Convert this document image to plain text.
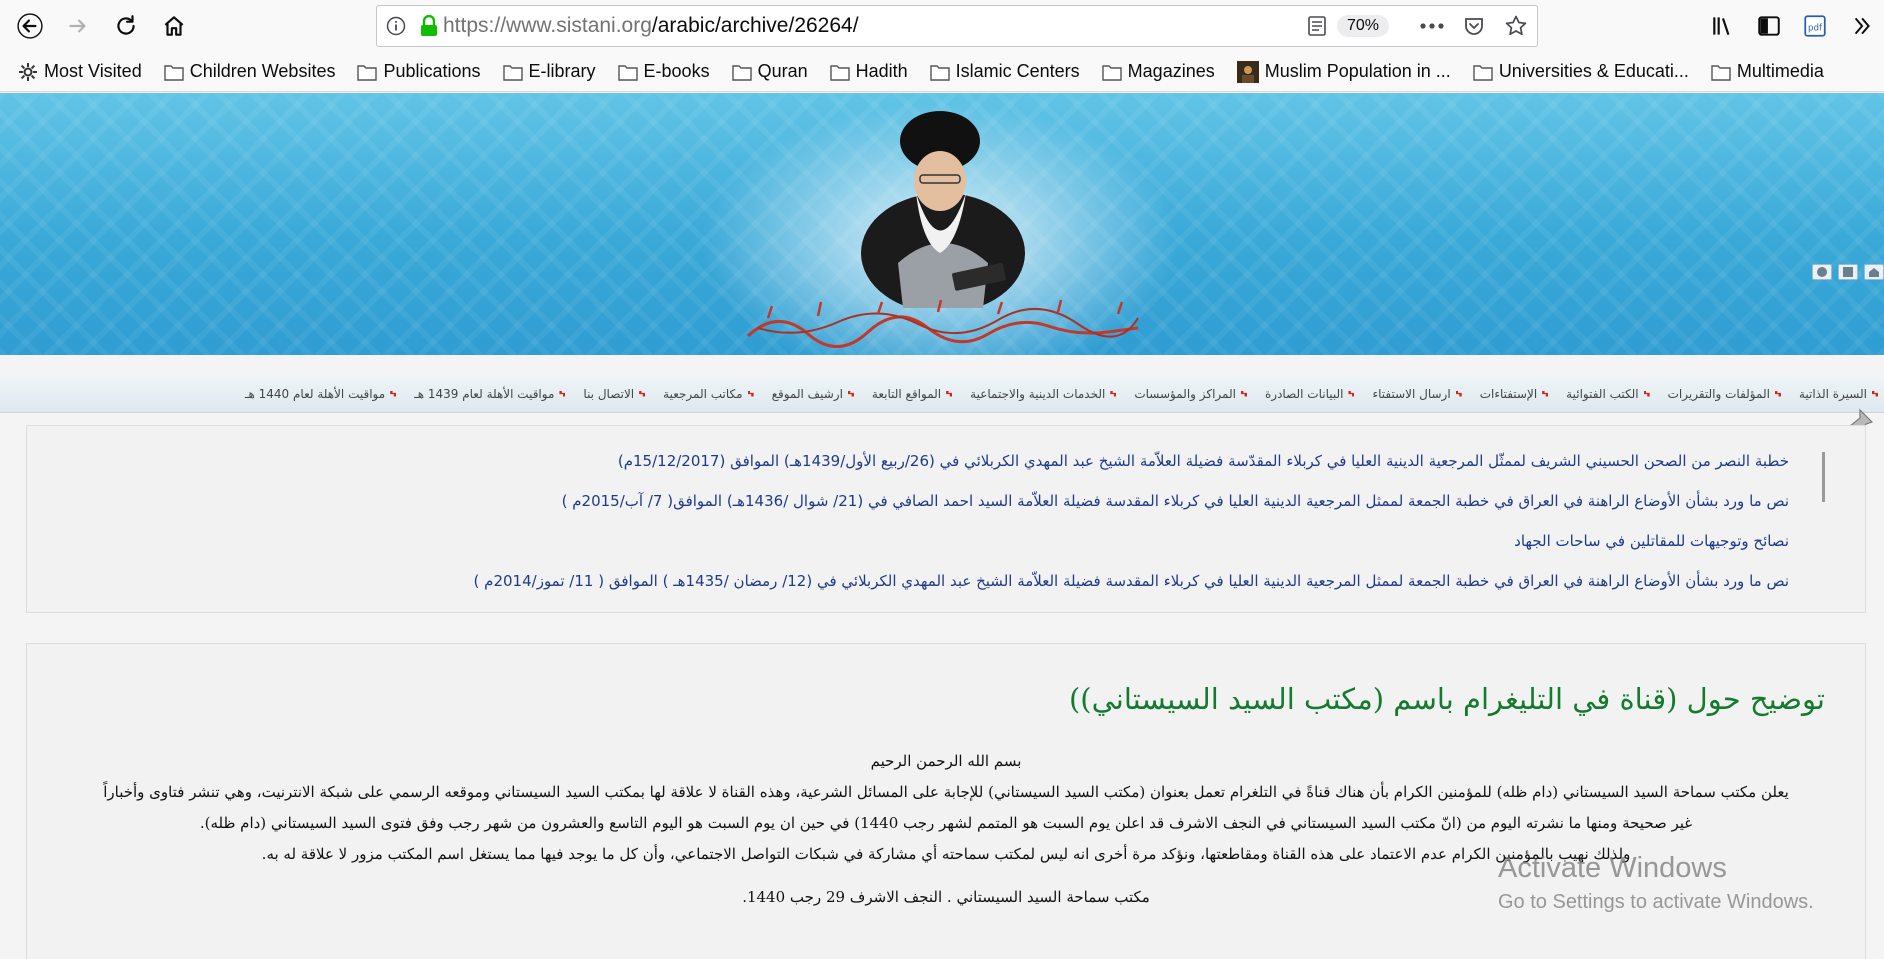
https://www.sistani.org/arabic/archive/26264/	70%	pdf
Most Visited	Children Websites	Publications	E-library	E-books	Quran	Hadith	Islamic Centers	Magazines	Muslim Population in ...	Universities & Educati...	Multimedia
السيرة الذاتية
المؤلفات والتقريرات
الكتب الفتوائية
الإستفتاءات
ارسال الاستفتاء
البيانات الصادرة
المراكز والمؤسسات
الخدمات الدينية والاجتماعية
المواقع التابعة
ارشيف الموقع
مكاتب المرجعية
الاتصال بنا
مواقيت الأهلة لعام 1439 هـ
مواقيت الأهلة لعام 1440 هـ
خطبة النصر من الصحن الحسيني الشريف لممثّل المرجعية الدينية العليا في كربلاء المقدّسة فضيلة العلاّمة الشيخ عبد المهدي الكربلائي في (26/ربيع الأول/1439هـ) الموافق (15/12/2017م)
نص ما ورد بشأن الأوضاع الراهنة في العراق في خطبة الجمعة لممثل المرجعية الدينية العليا في كربلاء المقدسة فضيلة العلاّمة السيد احمد الصافي في (21/ شوال /1436هـ) الموافق( 7/ آب/2015م )
نصائح وتوجيهات للمقاتلين في ساحات الجهاد
نص ما ورد بشأن الأوضاع الراهنة في العراق في خطبة الجمعة لممثل المرجعية الدينية العليا في كربلاء المقدسة فضيلة العلاّمة الشيخ عبد المهدي الكربلائي في (12/ رمضان /1435هـ ) الموافق ( 11/ تموز/2014م )
توضيح حول (قناة في التليغرام باسم (مكتب السيد السيستاني))
بسم الله الرحمن الرحيم
يعلن مكتب سماحة السيد السيستاني (دام ظله) للمؤمنين الكرام بأن هناك قناةً في التلغرام تعمل بعنوان (مكتب السيد السيستاني) للإجابة على المسائل الشرعية، وهذه القناة لا علاقة لها بمكتب السيد السيستاني وموقعه الرسمي على شبكة الانترنيت، وهي تنشر فتاوى وأخباراً
غير صحيحة ومنها ما نشرته اليوم من (انّ مكتب السيد السيستاني في النجف الاشرف قد اعلن يوم السبت هو المتمم لشهر رجب 1440) في حين ان يوم السبت هو اليوم التاسع والعشرون من شهر رجب وفق فتوى السيد السيستاني (دام ظله).
ولذلك نهيب بالمؤمنين الكرام عدم الاعتماد على هذه القناة ومقاطعتها، ونؤكد مرة أخرى انه ليس لمكتب سماحته أي مشاركة في شبكات التواصل الاجتماعي، وأن كل ما يوجد فيها مما يستغل اسم المكتب مزور لا علاقة له به.
مكتب سماحة السيد السيستاني . النجف الاشرف 29 رجب 1440.
Activate Windows
Go to Settings to activate Windows.
